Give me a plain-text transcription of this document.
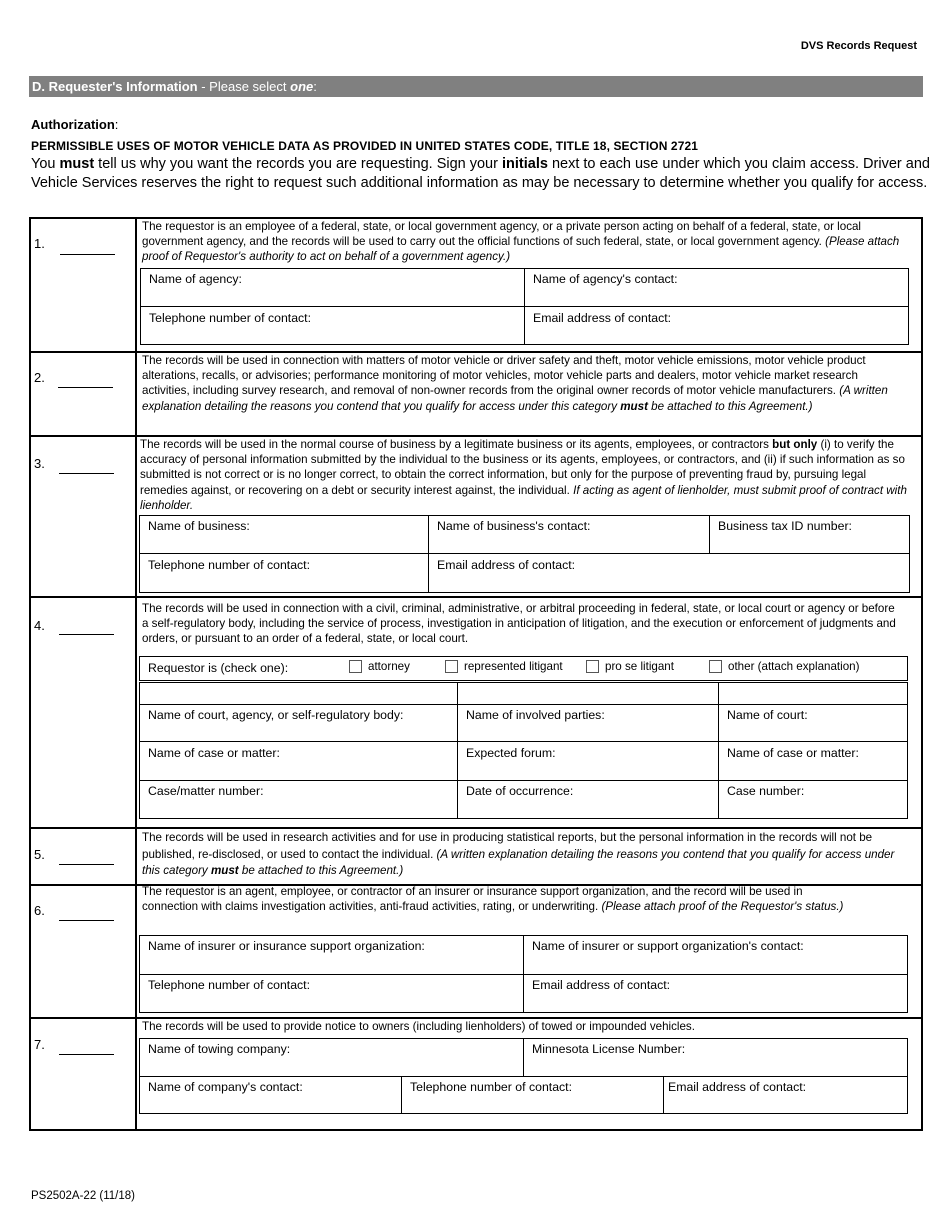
DVS Records Request
D. Requester's Information - Please select one:
Authorization:
PERMISSIBLE USES OF MOTOR VEHICLE DATA AS PROVIDED IN UNITED STATES CODE, TITLE 18, SECTION 2721
You must tell us why you want the records you are requesting. Sign your initials next to each use under which you claim access. Driver and Vehicle Services reserves the right to request such additional information as may be necessary to determine whether you qualify for access.
1.
The requestor is an employee of a federal, state, or local government agency, or a private person acting on behalf of a federal, state, or local government agency, and the records will be used to carry out the official functions of such federal, state, or local government agency. (Please attach proof of Requestor's authority to act on behalf of a government agency.)
Name of agency:	Name of agency's contact:
Telephone number of contact:	Email address of contact:
2.
The records will be used in connection with matters of motor vehicle or driver safety and theft, motor vehicle emissions, motor vehicle product alterations, recalls, or advisories; performance monitoring of motor vehicles, motor vehicle parts and dealers, motor vehicle market research activities, including survey research, and removal of non-owner records from the original owner records of motor vehicle manufacturers. (A written explanation detailing the reasons you contend that you qualify for access under this category must be attached to this Agreement.)
3.
The records will be used in the normal course of business by a legitimate business or its agents, employees, or contractors but only (i) to verify the accuracy of personal information submitted by the individual to the business or its agents, employees, or contractors, and (ii) if such information as so submitted is not correct or is no longer correct, to obtain the correct information, but only for the purpose of preventing fraud by, pursuing legal remedies against, or recovering on a debt or security interest against, the individual. If acting as agent of lienholder, must submit proof of contract with lienholder.
Name of business:	Name of business's contact:	Business tax ID number:
Telephone number of contact:	Email address of contact:
4.
The records will be used in connection with a civil, criminal, administrative, or arbitral proceeding in federal, state, or local court or agency or before a self-regulatory body, including the service of process, investigation in anticipation of litigation, and the execution or enforcement of judgments and orders, or pursuant to an order of a federal, state, or local court.
Requestor is (check one):	attorney	represented litigant	pro se litigant	other (attach explanation)
Name of court, agency, or self-regulatory body:	Name of involved parties:	Name of court:
Name of case or matter:	Expected forum:	Name of case or matter:
Case/matter number:	Date of occurrence:	Case number:
5.
The records will be used in research activities and for use in producing statistical reports, but the personal information in the records will not be published, re-disclosed, or used to contact the individual. (A written explanation detailing the reasons you contend that you qualify for access under this category must be attached to this Agreement.)
6.
The requestor is an agent, employee, or contractor of an insurer or insurance support organization, and the record will be used in connection with claims investigation activities, anti-fraud activities, rating, or underwriting. (Please attach proof of the Requestor's status.)
Name of insurer or insurance support organization:	Name of insurer or support organization's contact:
Telephone number of contact:	Email address of contact:
7.
The records will be used to provide notice to owners (including lienholders) of towed or impounded vehicles.
Name of towing company:	Minnesota License Number:
Name of company's contact:	Telephone number of contact:	Email address of contact:
PS2502A-22 (11/18)
